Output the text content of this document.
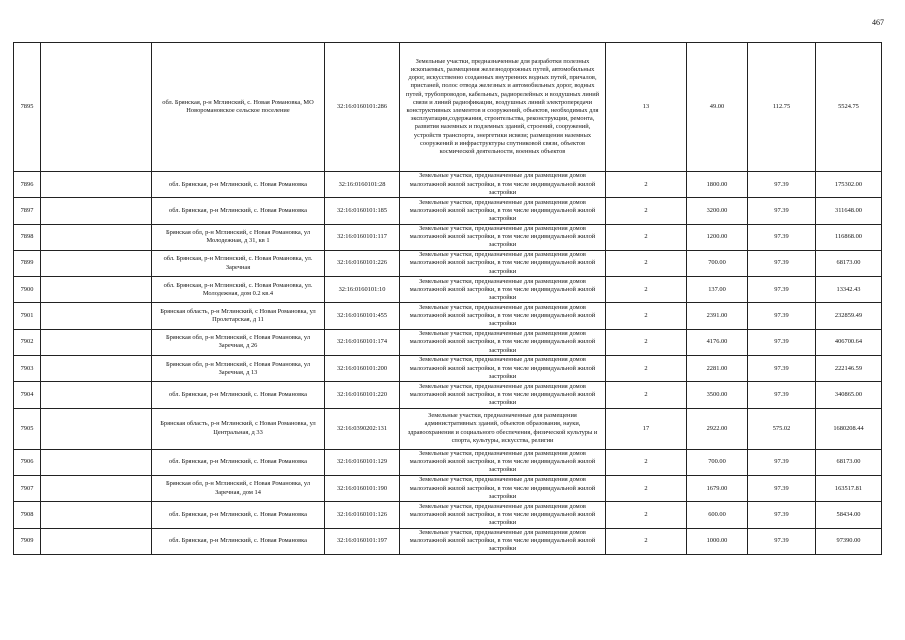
467
7895		обл. Брянская, р-н Мглинский, с. Новая Романовка, МО Новоромановское сельское поселение	32:16:0160101:286	Земельные участки, предназначенные для разработки полезных ископаемых, размещения железнодорожных путей, автомобильных дорог, искусственно созданных внутренних водных путей, причалов, пристаней, полос отвода железных и автомобильных дорог, водных путей, трубопроводов, кабельных, радиорелейных и воздушных линий связи и линий радиофикации, воздушных линий электропередачи конструктивных элементов и сооружений, объектов, необходимых для эксплуатации,содержания, строительства, реконструкции, ремонта, развития наземных и подземных зданий, строений, сооружений, устройств транспорта, энергетики исвязи; размещения наземных сооружений и инфраструктуры спутниковой связи, объектов космической деятельности, военных объектов	13	49.00	112.75	5524.75
7896		обл. Брянская, р-н Мглинский, с. Новая Романовка	32:16:0160101:28	Земельные участки, предназначенные для размещения домов малоэтажной жилой застройки, в том числе индивидуальной жилой застройки	2	1800.00	97.39	175302.00
7897		обл. Брянская, р-н Мглинский, с. Новая Романовка	32:16:0160101:185	Земельные участки, предназначенные для размещения домов малоэтажной жилой застройки, в том числе индивидуальной жилой застройки	2	3200.00	97.39	311648.00
7898		Брянская обл, р-н Мглинский, с Новая Романовка, ул Молодежная, д 31, кв 1	32:16:0160101:117	Земельные участки, предназначенные для размещения домов малоэтажной жилой застройки, в том числе индивидуальной жилой застройки	2	1200.00	97.39	116868.00
7899		обл. Брянская, р-н Мглинский, с. Новая Романовка, ул. Заречная	32:16:0160101:226	Земельные участки, предназначенные для размещения домов малоэтажной жилой застройки, в том числе индивидуальной жилой застройки	2	700.00	97.39	68173.00
7900		обл. Брянская, р-н Мглинский, с. Новая Романовка, ул. Молодежная, дом 0.2 кв.4	32:16:0160101:10	Земельные участки, предназначенные для размещения домов малоэтажной жилой застройки, в том числе индивидуальной жилой застройки	2	137.00	97.39	13342.43
7901		Брянская область, р-н Мглинский, с Новая Романовка, ул Пролетарская, д 11	32:16:0160101:455	Земельные участки, предназначенные для размещения домов малоэтажной жилой застройки, в том числе индивидуальной жилой застройки	2	2391.00	97.39	232859.49
7902		Брянская обл, р-н Мглинский, с Новая Романовка, ул Заречная, д 26	32:16:0160101:174	Земельные участки, предназначенные для размещения домов малоэтажной жилой застройки, в том числе индивидуальной жилой застройки	2	4176.00	97.39	406700.64
7903		Брянская обл, р-н Мглинский, с Новая Романовка, ул Заречная, д 13	32:16:0160101:200	Земельные участки, предназначенные для размещения домов малоэтажной жилой застройки, в том числе индивидуальной жилой застройки	2	2281.00	97.39	222146.59
7904		обл. Брянская, р-н Мглинский, с. Новая Романовка	32:16:0160101:220	Земельные участки, предназначенные для размещения домов малоэтажной жилой застройки, в том числе индивидуальной жилой застройки	2	3500.00	97.39	340865.00
7905		Брянская область, р-н Мглинский, с Новая Романовка, ул Центральная, д 33	32:16:0390202:131	Земельные участки, предназначенные для размещения административных зданий, объектов образования, науки, здравоохранения и социального обеспечения, физической культуры и спорта, культуры, искусства, религии	17	2922.00	575.02	1680208.44
7906		обл. Брянская, р-н Мглинский, с. Новая Романовка	32:16:0160101:129	Земельные участки, предназначенные для размещения домов малоэтажной жилой застройки, в том числе индивидуальной жилой застройки	2	700.00	97.39	68173.00
7907		Брянская обл, р-н Мглинский, с Новая Романовка, ул Заречная, дом 14	32:16:0160101:190	Земельные участки, предназначенные для размещения домов малоэтажной жилой застройки, в том числе индивидуальной жилой застройки	2	1679.00	97.39	163517.81
7908		обл. Брянская, р-н Мглинский, с. Новая Романовка	32:16:0160101:126	Земельные участки, предназначенные для размещения домов малоэтажной жилой застройки, в том числе индивидуальной жилой застройки	2	600.00	97.39	58434.00
7909		обл. Брянская, р-н Мглинский, с. Новая Романовка	32:16:0160101:197	Земельные участки, предназначенные для размещения домов малоэтажной жилой застройки, в том числе индивидуальной жилой застройки	2	1000.00	97.39	97390.00
